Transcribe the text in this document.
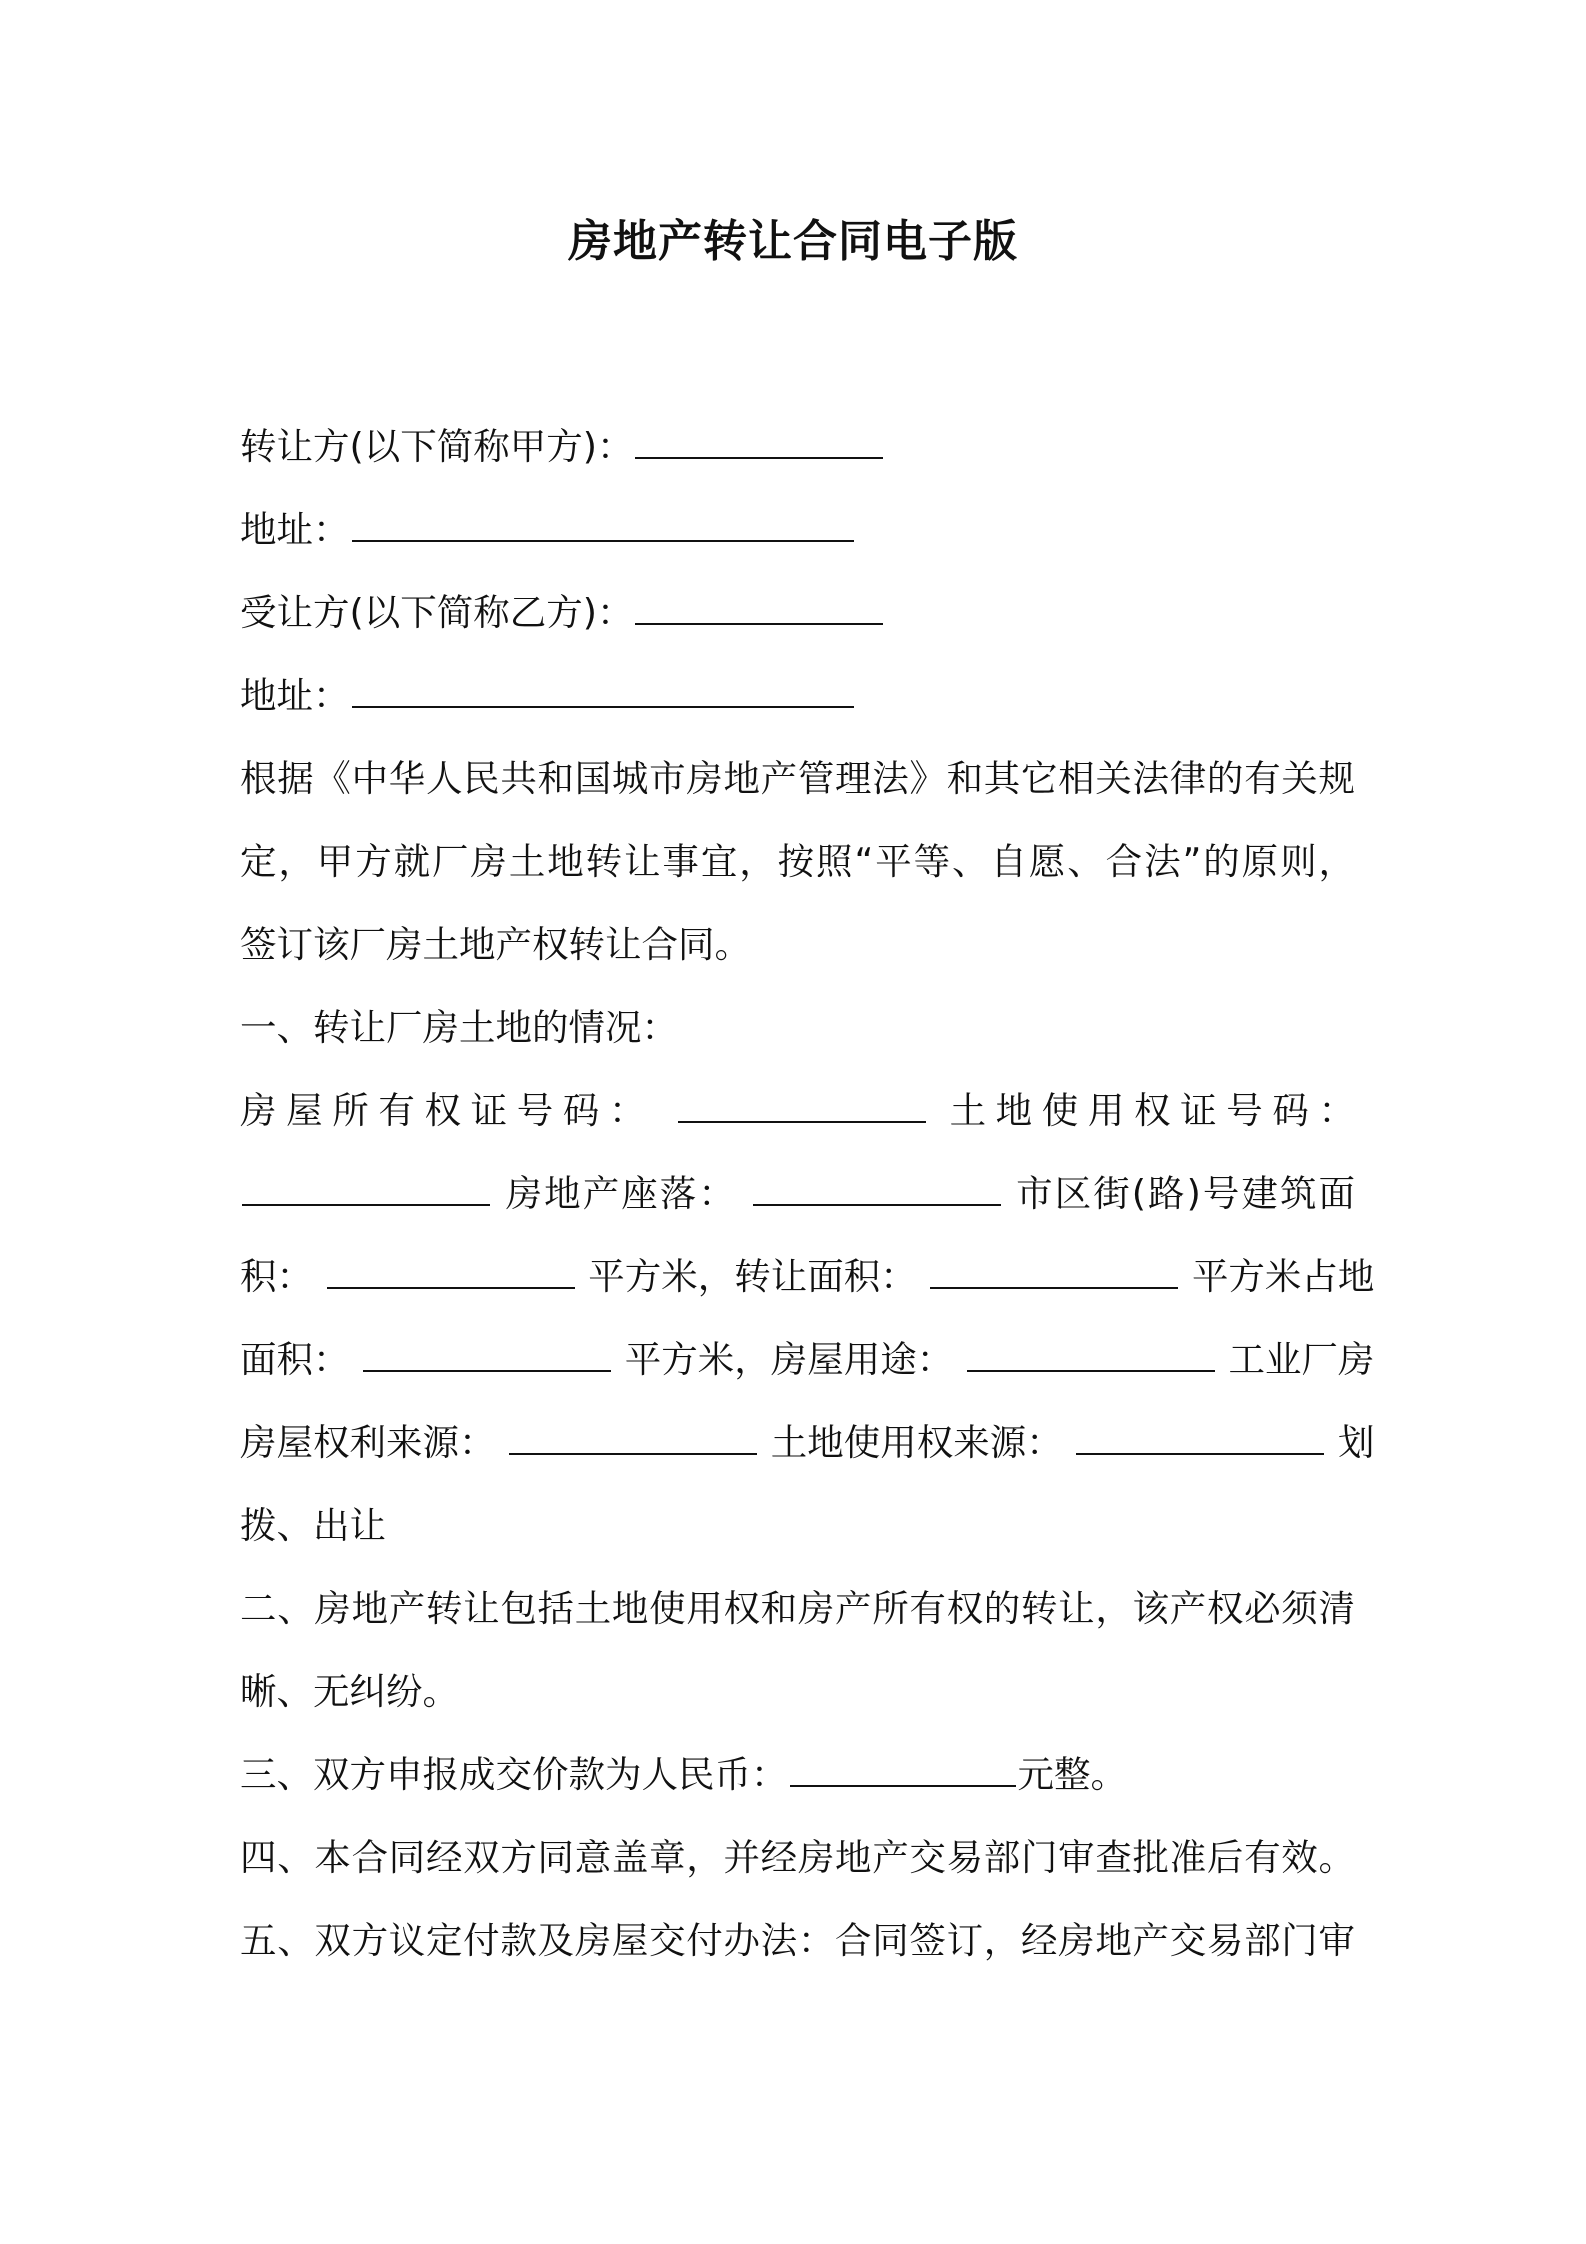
房地产转让合同电子版
转让方(以下简称甲方)：
地址：
受让方(以下简称乙方)：
地址：
根据《中华人民共和国城市房地产管理法》和其它相关法律的有关规
定，甲方就厂房土地转让事宜，按照“平等、自愿、合法”的原则，
签订该厂房土地产权转让合同。
一、转让厂房土地的情况：
房屋所有权证号码：	土地使用权证号码：
房地产座落：	市区街(路)号建筑面
积：	平方米，转让面积：	平方米占地
面积：	平方米，房屋用途：	工业厂房
房屋权利来源：	土地使用权来源：	划
拨、出让
二、房地产转让包括土地使用权和房产所有权的转让，该产权必须清
晰、无纠纷。
三、双方申报成交价款为人民币：	元整。
四、本合同经双方同意盖章，并经房地产交易部门审查批准后有效。
五、双方议定付款及房屋交付办法：合同签订，经房地产交易部门审
